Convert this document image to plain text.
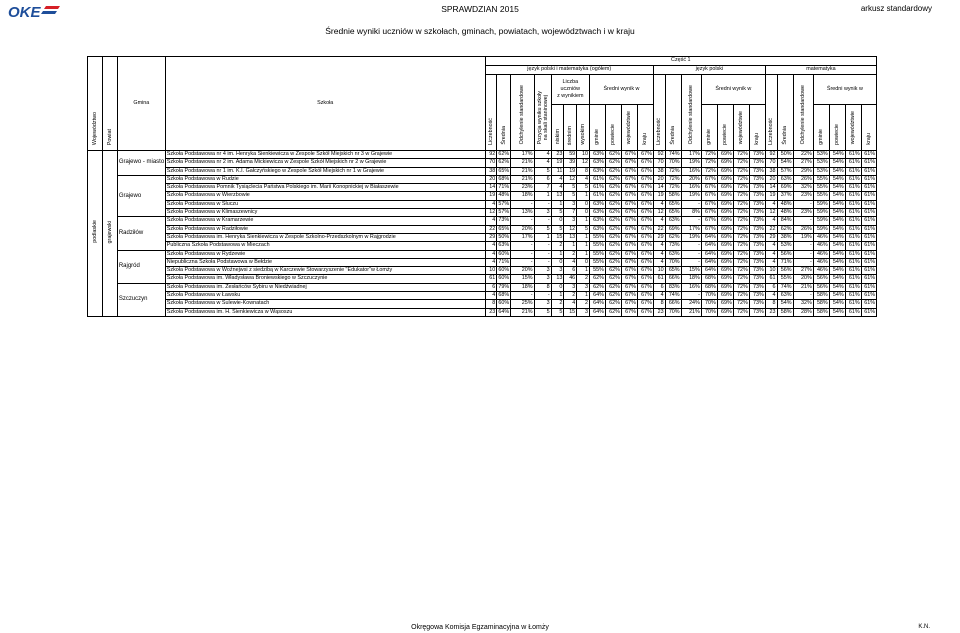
OKE	SPRAWDZIAN 2015	arkusz standardowy
Średnie wyniki uczniów w szkołach, gminach, powiatach, województwach i w kraju
Województwo	Powiat	Gmina	Szkoła	Część 1																								
				język polski i matematyka (ogółem)											język polski							matematyka						
				Liczebność	Średnia	Odchylenie standardowe	Pozycja wyniku szkoły
na skali staninowej	Liczba
uczniów
z wynikiem			Średni wynik w				Liczebność	Średnia	Odchylenie standardowe	Średni wynik w				Liczebność	Średnia	Odchylenie standardowe	Średni wynik w			
								niskim	średnim	wysokim	gminie	powiecie	województwie	kraju				gminie	powiecie	województwie	kraju				gminie	powiecie	województwie	kraju
podlaskie	grajewski	Grajewo - miasto	Szkoła Podstawowa nr 4 im. Henryka Sienkiewicza w Zespole Szkół Miejskich nr 3 w Grajewie	92	62%	17%	4	23	59	10	63%	62%	67%	67%	92	74%	17%	72%	69%	72%	73%	92	50%	22%	53%	54%	61%	61%
			Szkoła Podstawowa nr 2 im. Adama Mickiewicza w Zespole Szkół Miejskich nr 2 w Grajewie	70	62%	21%	4	19	39	12	63%	62%	67%	67%	70	70%	19%	72%	69%	72%	73%	70	54%	27%	53%	54%	61%	61%
			Szkoła Podstawowa nr 1 im. K.I. Gałczyńskiego w Zespole Szkół Miejskich nr 1 w Grajewie	38	65%	21%	5	11	19	8	63%	62%	67%	67%	38	72%	16%	72%	69%	72%	73%	38	57%	29%	53%	54%	61%	61%
		Grajewo	Szkoła Podstawowa w Rudzie	20	68%	21%	6	4	12	4	61%	62%	67%	67%	20	72%	20%	67%	69%	72%	73%	20	63%	26%	55%	54%	61%	61%
			Szkoła Podstawowa Pomnik Tysiąclecia Państwa Polskiego im. Marii Konopnickiej w Białaszewie	14	71%	23%	7	4	5	5	61%	62%	67%	67%	14	72%	16%	67%	69%	72%	73%	14	69%	32%	55%	54%	61%	61%
			Szkoła Podstawowa w Wierzbowie	19	48%	18%	1	13	5	1	61%	62%	67%	67%	19	58%	19%	67%	69%	72%	73%	19	37%	23%	55%	54%	61%	61%
			Szkoła Podstawowa w Słuczu	4	57%	-	-	1	3	0	63%	62%	67%	67%	4	65%	-	67%	69%	72%	73%	4	48%	-	59%	54%	61%	61%
			Szkoła Podstawowa w Klimaszewnicy	12	57%	13%	3	5	7	0	63%	62%	67%	67%	12	65%	8%	67%	69%	72%	73%	12	48%	23%	59%	54%	61%	61%
		Radziłów	Szkoła Podstawowa w Kramarzewie	4	73%	-	-	0	3	1	63%	62%	67%	67%	4	63%	-	67%	69%	72%	73%	4	84%	-	59%	54%	61%	61%
			Szkoła Podstawowa w Radziłowie	22	65%	20%	5	5	12	5	63%	62%	67%	67%	22	69%	17%	67%	69%	72%	73%	22	62%	26%	59%	54%	61%	61%
			Szkoła Podstawowa im. Henryka Sienkiewicza w Zespole Szkolno-Przedszkolnym w Rajgrodzie	29	50%	17%	1	15	13	1	55%	62%	67%	67%	29	62%	19%	64%	69%	72%	73%	29	38%	19%	46%	54%	61%	61%
			Publiczna Szkoła Podstawowa w Mieczach	4	63%	-	-	2	1	1	55%	62%	67%	67%	4	73%	-	64%	69%	72%	73%	4	53%	-	46%	54%	61%	61%
		Rajgród	Szkoła Podstawowa w Rydzewie	4	60%	-	-	1	2	1	55%	62%	67%	67%	4	63%	-	64%	69%	72%	73%	4	56%	-	46%	54%	61%	61%
			Niepubliczna Szkoła Podstawowa w Bełdzie	4	71%	-	-	0	4	0	55%	62%	67%	67%	4	70%	-	64%	69%	72%	73%	4	71%	-	46%	54%	61%	61%
			Szkoła Podstawowa w Woźnejwsi z siedzibą w Karczewie Stowarzyszenie "Edukator"w Łomży	10	60%	20%	3	3	6	1	55%	62%	67%	67%	10	65%	15%	64%	69%	72%	73%	10	56%	27%	46%	54%	61%	61%
			Szkoła Podstawowa im. Władysława Broniewskiego w Szczuczynie	61	60%	15%	3	13	46	2	62%	62%	67%	67%	61	66%	18%	68%	69%	72%	73%	61	55%	20%	56%	54%	61%	61%
		Szczuczyn	Szkoła Podstawowa im. Zesłańców Sybiru w Niedźwiadnej	6	79%	18%	8	0	3	3	62%	62%	67%	67%	6	83%	16%	68%	69%	72%	73%	6	74%	21%	56%	54%	61%	61%
			Szkoła Podstawowa w Ławsku	4	68%	-	-	1	2	1	64%	62%	67%	67%	4	74%	-	70%	69%	72%	73%	4	63%	-	58%	54%	61%	61%
			Szkoła Podstawowa w Sulewie-Kownatach	8	60%	25%	3	2	4	2	64%	62%	67%	67%	8	66%	24%	70%	69%	72%	73%	8	54%	32%	58%	54%	61%	61%
			Szkoła Podstawowa im. H. Sienkiewicza w Wąsoszu	23	64%	21%	5	5	15	3	64%	62%	67%	67%	23	70%	21%	70%	69%	72%	73%	23	58%	28%	58%	54%	61%	61%
Okręgowa Komisja Egzaminacyjna w Łomży	K.N.
